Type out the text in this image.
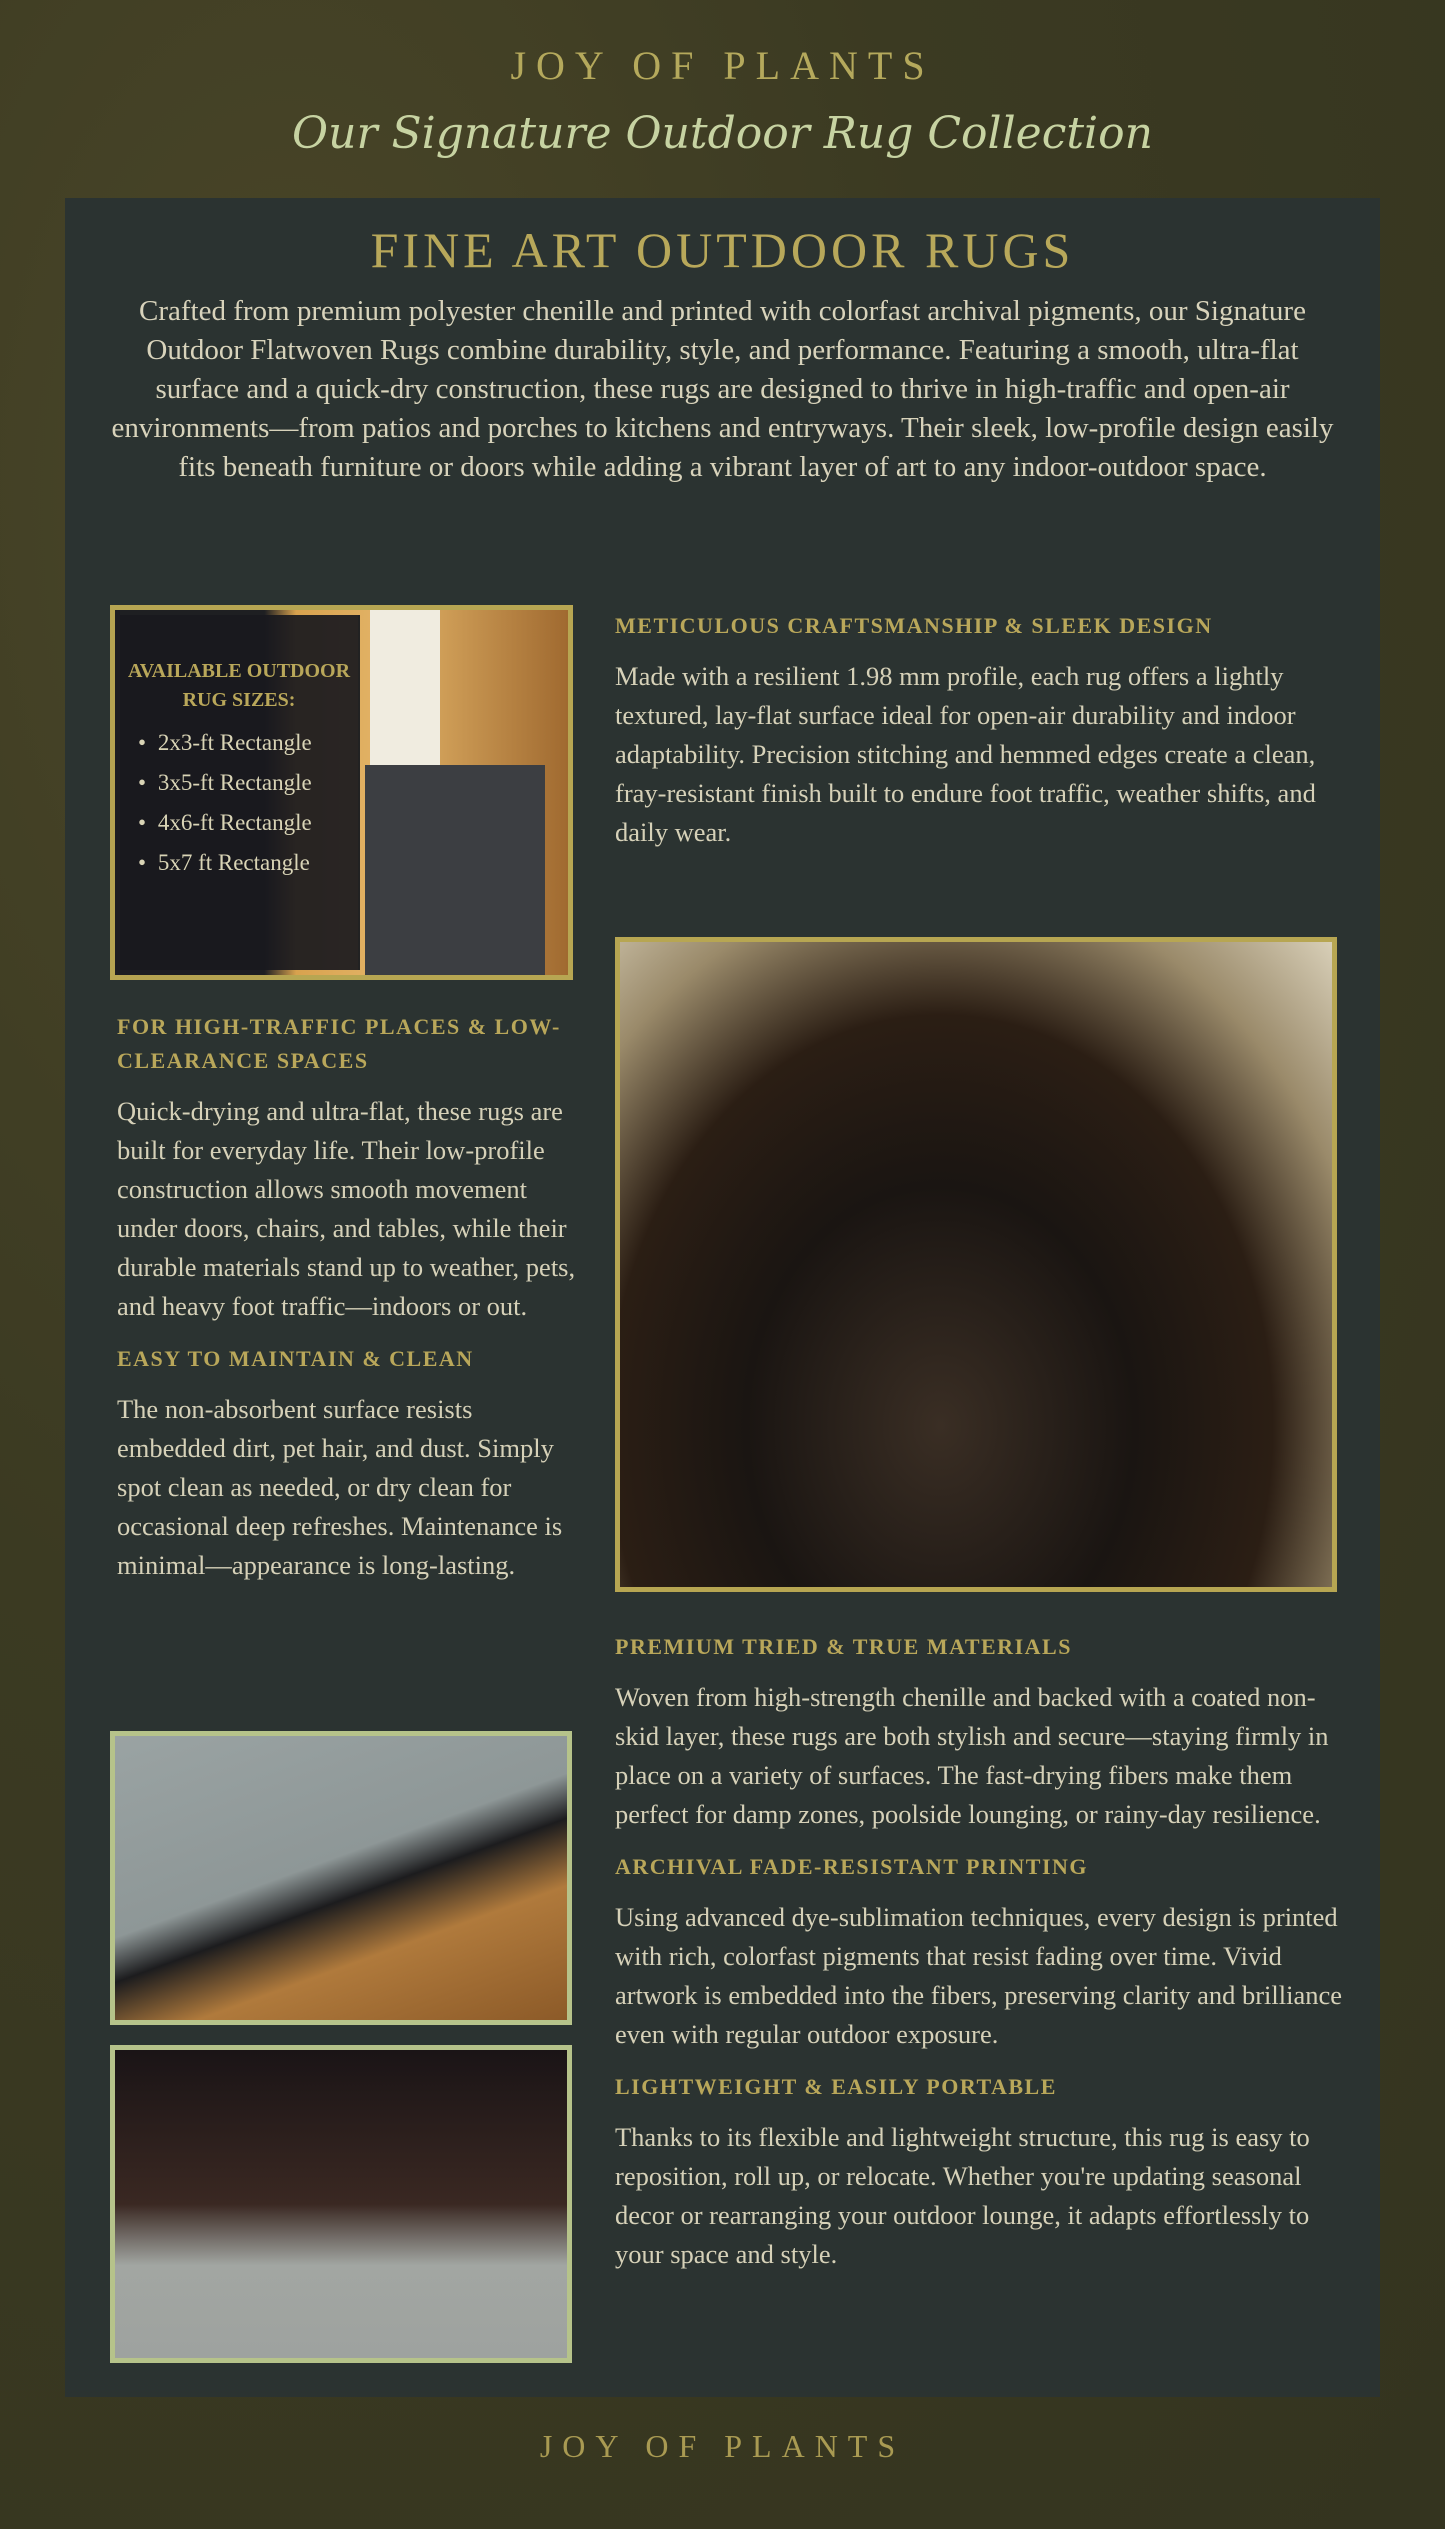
JOY OF PLANTS
Our Signature Outdoor Rug Collection
FINE ART OUTDOOR RUGS
Crafted from premium polyester chenille and printed with colorfast archival pigments, our Signature Outdoor Flatwoven Rugs combine durability, style, and performance. Featuring a smooth, ultra-flat surface and a quick-dry construction, these rugs are designed to thrive in high-traffic and open-air environments—from patios and porches to kitchens and entryways. Their sleek, low-profile design easily fits beneath furniture or doors while adding a vibrant layer of art to any indoor-outdoor space.
AVAILABLE OUTDOOR RUG SIZES:
• 2x3-ft Rectangle
• 3x5-ft Rectangle
• 4x6-ft Rectangle
• 5x7 ft Rectangle
METICULOUS CRAFTSMANSHIP & SLEEK DESIGN
Made with a resilient 1.98 mm profile, each rug offers a lightly textured, lay-flat surface ideal for open-air durability and indoor adaptability. Precision stitching and hemmed edges create a clean, fray-resistant finish built to endure foot traffic, weather shifts, and daily wear.
FOR HIGH-TRAFFIC PLACES & LOW-CLEARANCE SPACES
Quick-drying and ultra-flat, these rugs are built for everyday life. Their low-profile construction allows smooth movement under doors, chairs, and tables, while their durable materials stand up to weather, pets, and heavy foot traffic—indoors or out.
EASY TO MAINTAIN & CLEAN
The non-absorbent surface resists embedded dirt, pet hair, and dust. Simply spot clean as needed, or dry clean for occasional deep refreshes. Maintenance is minimal—appearance is long-lasting.
PREMIUM TRIED & TRUE MATERIALS
Woven from high-strength chenille and backed with a coated non-skid layer, these rugs are both stylish and secure—staying firmly in place on a variety of surfaces. The fast-drying fibers make them perfect for damp zones, poolside lounging, or rainy-day resilience.
ARCHIVAL FADE-RESISTANT PRINTING
Using advanced dye-sublimation techniques, every design is printed with rich, colorfast pigments that resist fading over time. Vivid artwork is embedded into the fibers, preserving clarity and brilliance even with regular outdoor exposure.
LIGHTWEIGHT & EASILY PORTABLE
Thanks to its flexible and lightweight structure, this rug is easy to reposition, roll up, or relocate. Whether you're updating seasonal decor or rearranging your outdoor lounge, it adapts effortlessly to your space and style.
JOY OF PLANTS
